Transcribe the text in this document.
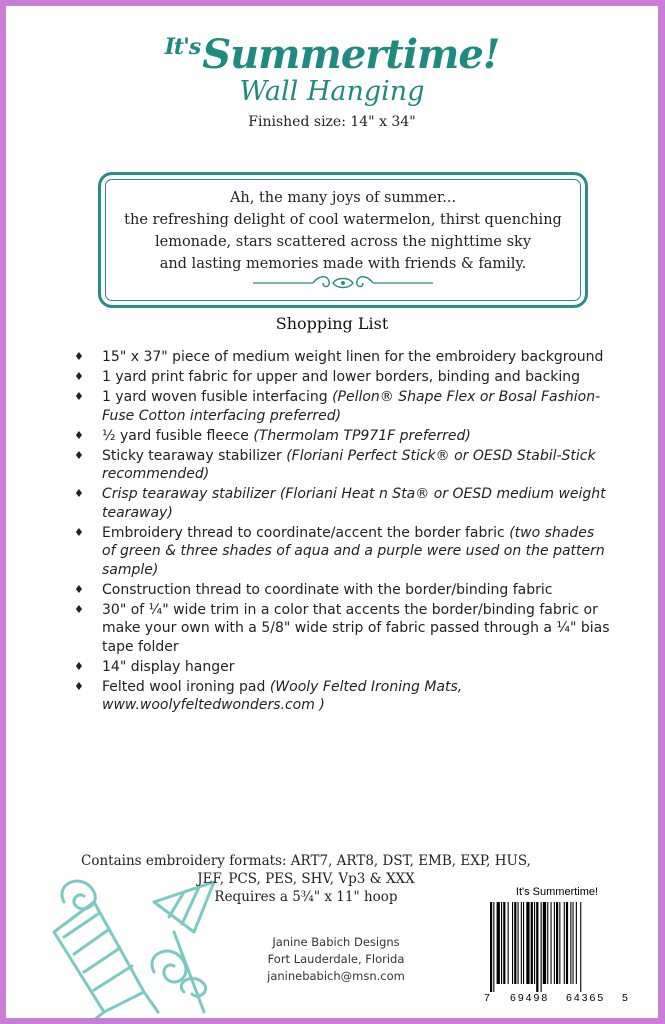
$^{It's}$Summertime!
Wall Hanging
Finished size: 14" x 34"
Ah, the many joys of summer...
the refreshing delight of cool watermelon, thirst quenching
lemonade, stars scattered across the nighttime sky
and lasting memories made with friends & family.
Shopping List
♦ 15" x 37" piece of medium weight linen for the embroidery background
♦ 1 yard print fabric for upper and lower borders, binding and backing
♦ 1 yard woven fusible interfacing (Pellon® Shape Flex or Bosal Fashion-Fuse Cotton interfacing preferred)
♦ ½ yard fusible fleece (Thermolam TP971F preferred)
♦ Sticky tearaway stabilizer (Floriani Perfect Stick® or OESD Stabil-Stick recommended)
♦ Crisp tearaway stabilizer (Floriani Heat n Sta® or OESD medium weight tearaway)
♦ Embroidery thread to coordinate/accent the border fabric (two shades of green & three shades of aqua and a purple were used on the pattern sample)
♦ Construction thread to coordinate with the border/binding fabric
♦ 30" of ¼" wide trim in a color that accents the border/binding fabric or make your own with a 5/8" wide strip of fabric passed through a ¼" bias tape folder
♦ 14" display hanger
♦ Felted wool ironing pad (Wooly Felted Ironing Mats, www.woolyfeltedwonders.com )
Contains embroidery formats: ART7, ART8, DST, EMB, EXP, HUS,
JEF, PCS, PES, SHV, Vp3 & XXX
Requires a 5¾" x 11" hoop
Janine Babich Designs
Fort Lauderdale, Florida
janinebabich@msn.com
It's Summertime!
7 69498 64365 5
